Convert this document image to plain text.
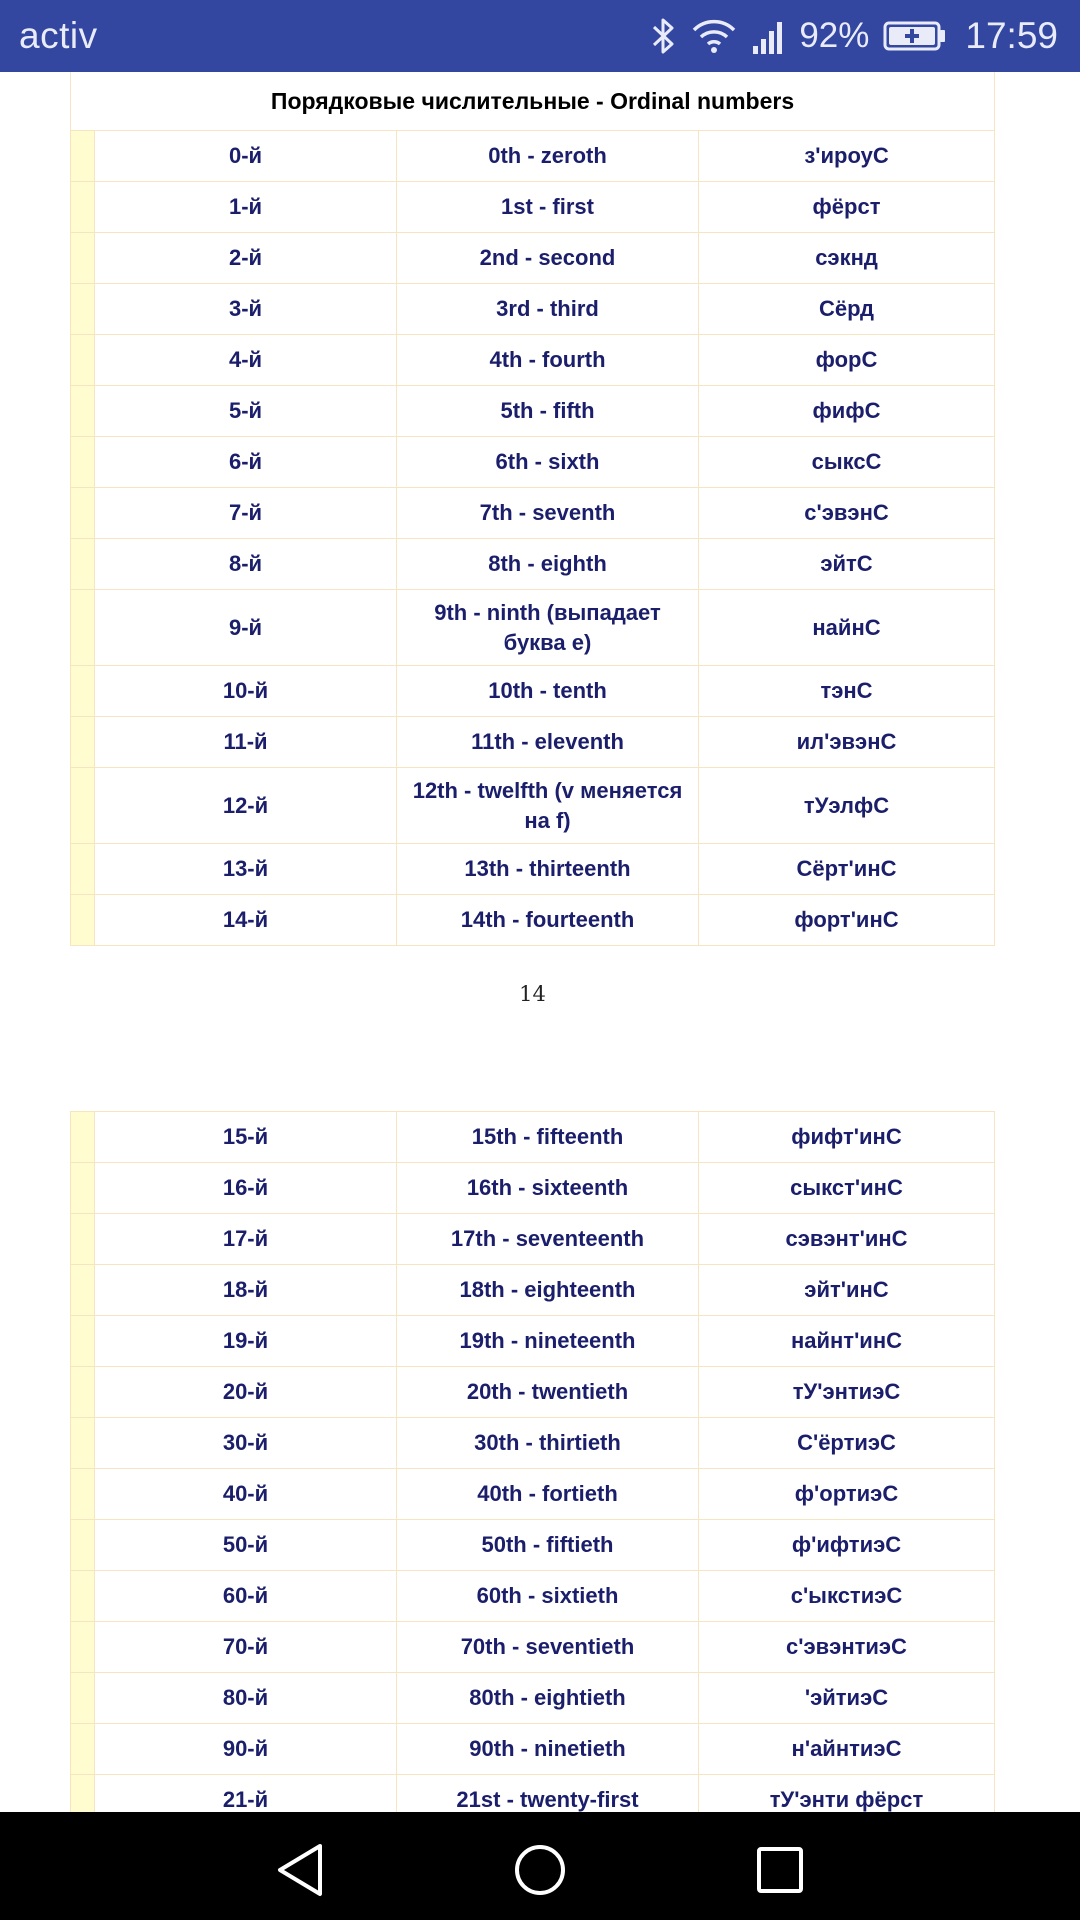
activ	92%	17:59
Порядковые числительные - Ordinal numbers			
	0-й	0th - zeroth	з'ироуС
	1-й	1st - first	фёрст
	2-й	2nd - second	сэкнд
	3-й	3rd - third	Сёрд
	4-й	4th - fourth	форС
	5-й	5th - fifth	фифС
	6-й	6th - sixth	сыксС
	7-й	7th - seventh	с'эвэнС
	8-й	8th - eighth	эйтС
	9-й	9th - ninth (выпадает буква e)	найнС
	10-й	10th - tenth	тэнС
	11-й	11th - eleventh	ил'эвэнС
	12-й	12th - twelfth (v меняется на f)	тУэлфС
	13-й	13th - thirteenth	Сёрт'инС
	14-й	14th - fourteenth	форт'инС
14
	15-й	15th - fifteenth	фифт'инС
	16-й	16th - sixteenth	сыкст'инС
	17-й	17th - seventeenth	сэвэнт'инС
	18-й	18th - eighteenth	эйт'инС
	19-й	19th - nineteenth	найнт'инС
	20-й	20th - twentieth	тУ'энтиэС
	30-й	30th - thirtieth	С'ёртиэС
	40-й	40th - fortieth	ф'ортиэС
	50-й	50th - fiftieth	ф'ифтиэС
	60-й	60th - sixtieth	с'ыкстиэС
	70-й	70th - seventieth	с'эвэнтиэС
	80-й	80th - eightieth	'эйтиэС
	90-й	90th - ninetieth	н'айнтиэС
	21-й	21st - twenty-first	тУ'энти фёрст
